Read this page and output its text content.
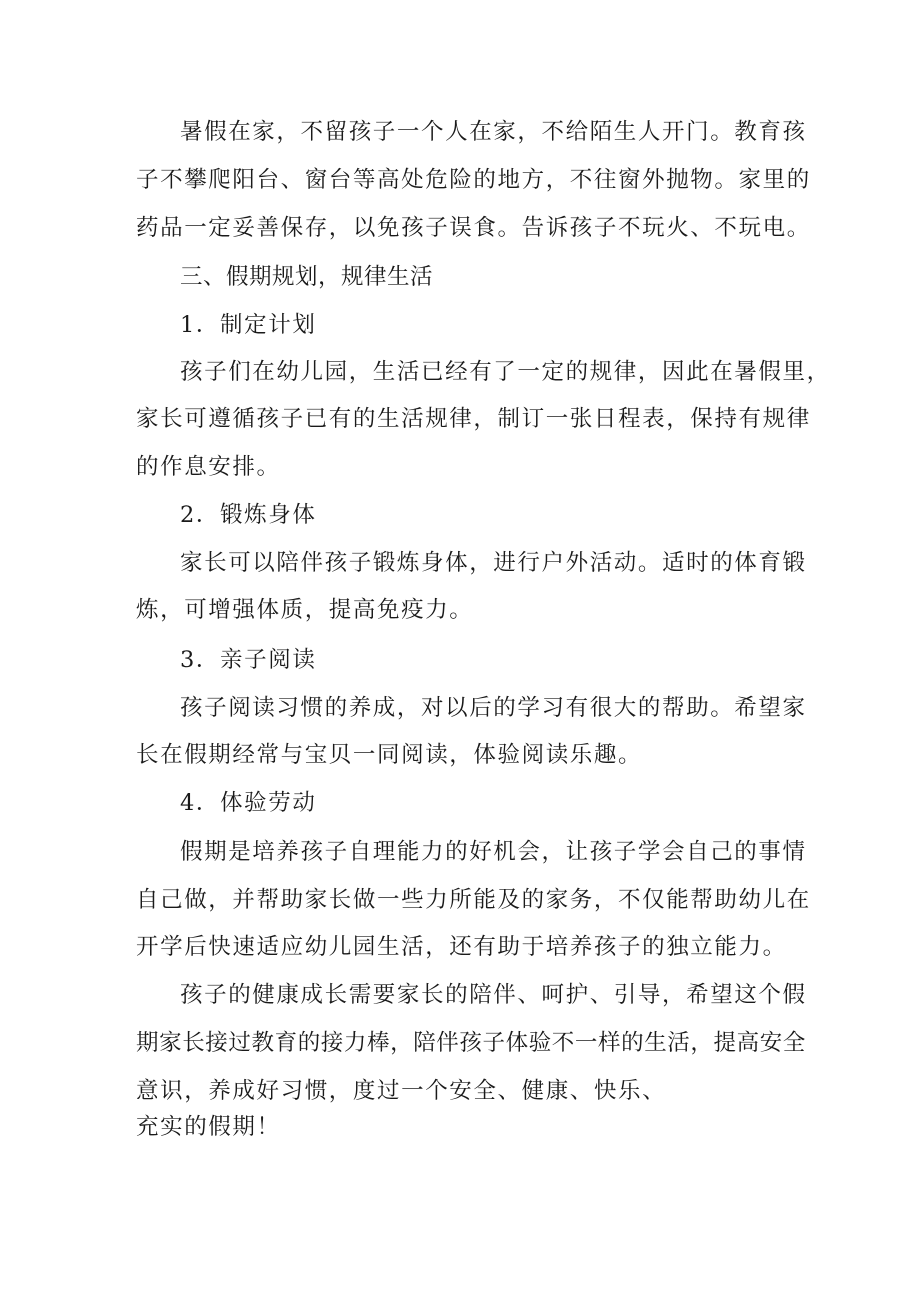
暑假在家，不留孩子一个人在家，不给陌生人开门。教育孩
子不攀爬阳台、窗台等高处危险的地方，不往窗外抛物。家里的
药品一定妥善保存，以免孩子误食。告诉孩子不玩火、不玩电。
三、假期规划，规律生活
1．制定计划
孩子们在幼儿园，生活已经有了一定的规律，因此在暑假里，
家长可遵循孩子已有的生活规律，制订一张日程表，保持有规律
的作息安排。
2．锻炼身体
家长可以陪伴孩子锻炼身体，进行户外活动。适时的体育锻
炼，可增强体质，提高免疫力。
3．亲子阅读
孩子阅读习惯的养成，对以后的学习有很大的帮助。希望家
长在假期经常与宝贝一同阅读，体验阅读乐趣。
4．体验劳动
假期是培养孩子自理能力的好机会，让孩子学会自己的事情
自己做，并帮助家长做一些力所能及的家务，不仅能帮助幼儿在
开学后快速适应幼儿园生活，还有助于培养孩子的独立能力。
孩子的健康成长需要家长的陪伴、呵护、引导，希望这个假
期家长接过教育的接力棒，陪伴孩子体验不一样的生活，提高安全
意识，养成好习惯，度过一个安全、健康、快乐、
充实的假期！
